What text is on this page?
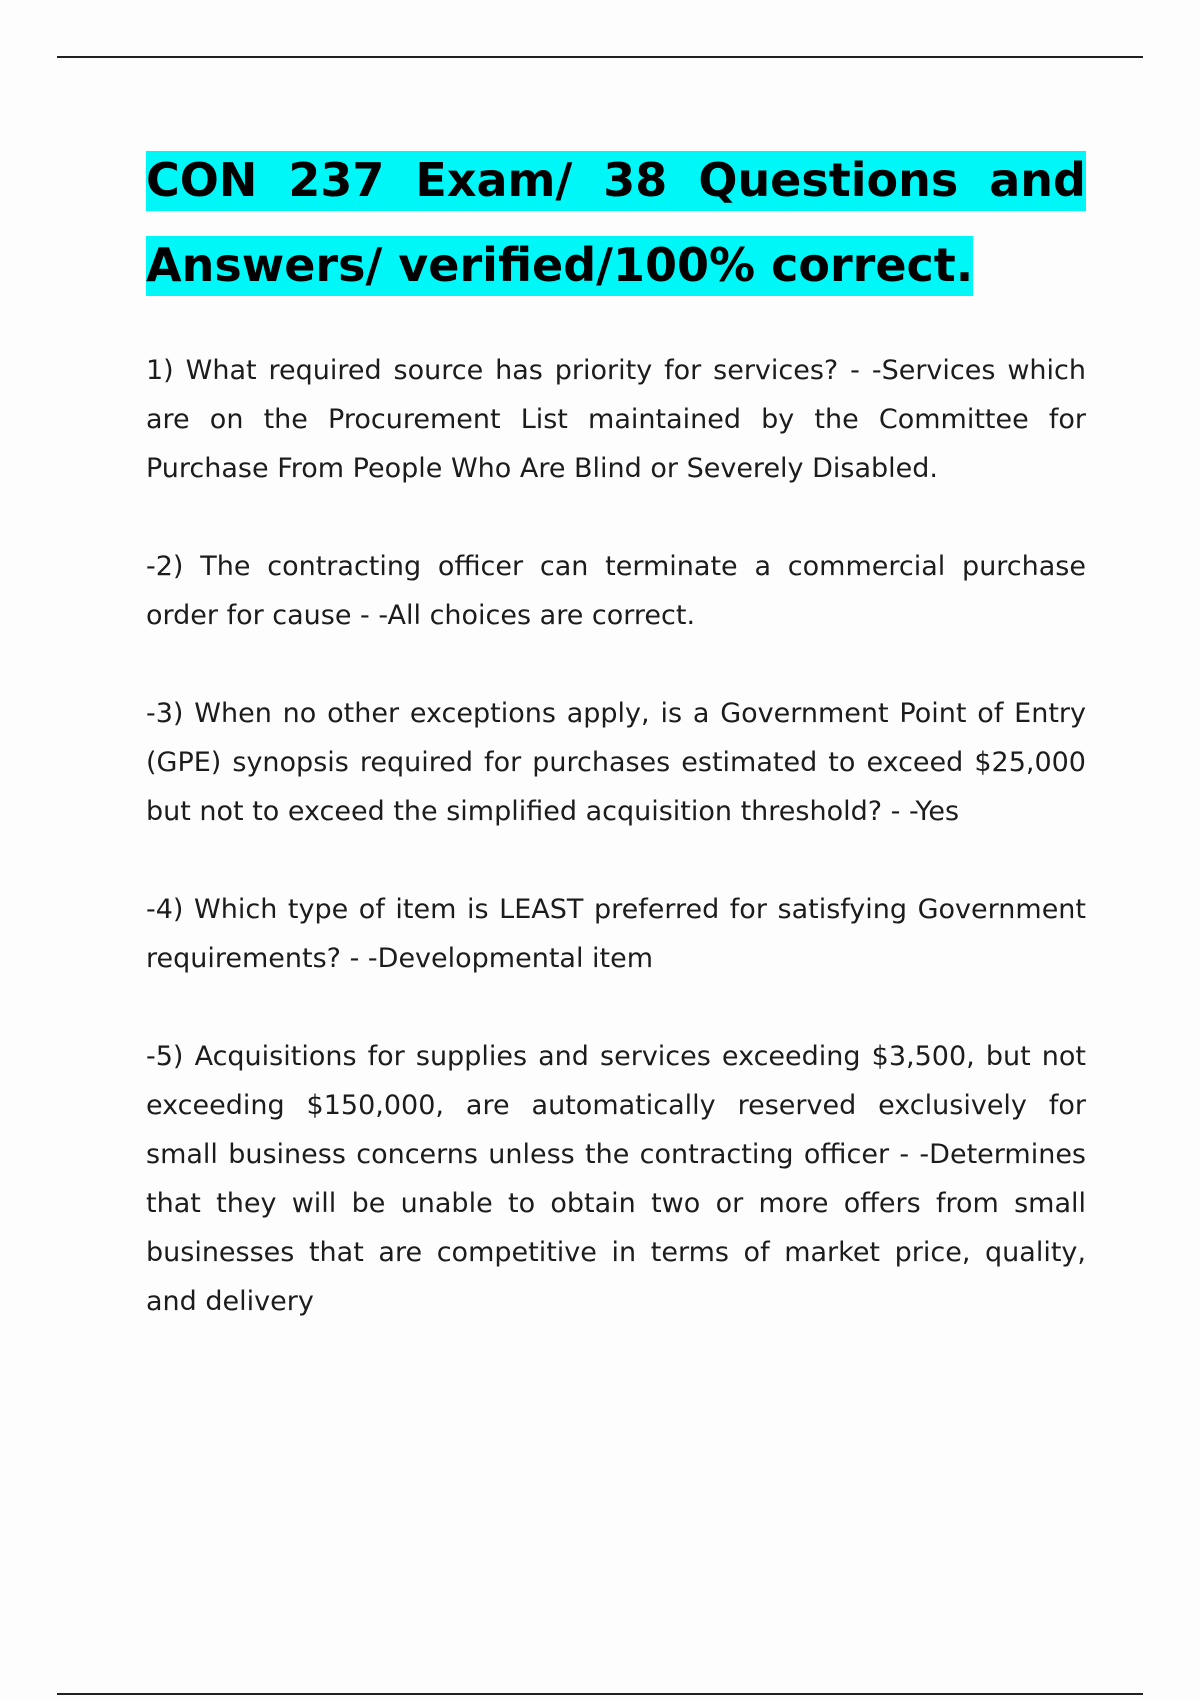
CON 237 Exam/ 38 Questions and Answers/ verified/100% correct.

1) What required source has priority for services? - -Services which are on the Procurement List maintained by the Committee for Purchase From People Who Are Blind or Severely Disabled.

-2) The contracting officer can terminate a commercial purchase order for cause - -All choices are correct.

-3) When no other exceptions apply, is a Government Point of Entry (GPE) synopsis required for purchases estimated to exceed $25,000 but not to exceed the simplified acquisition threshold? - -Yes

-4) Which type of item is LEAST preferred for satisfying Government requirements? - -Developmental item

-5) Acquisitions for supplies and services exceeding $3,500, but not exceeding $150,000, are automatically reserved exclusively for small business concerns unless the contracting officer - -Determines that they will be unable to obtain two or more offers from small businesses that are competitive in terms of market price, quality, and delivery
